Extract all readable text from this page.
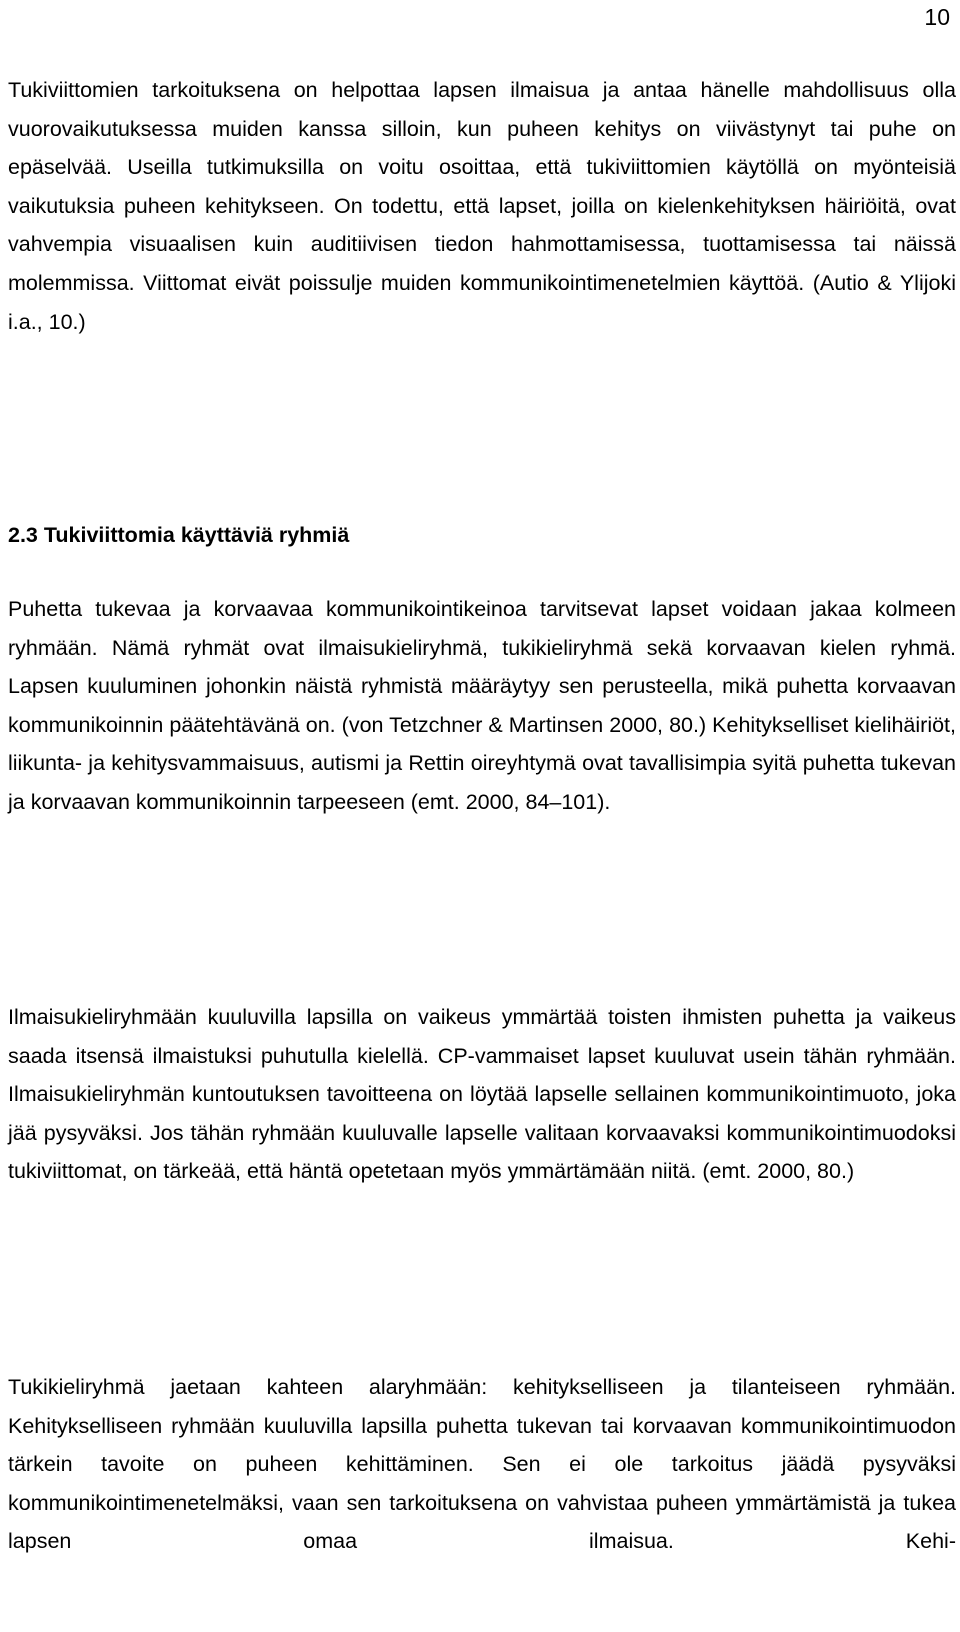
10

Tukiviittomien tarkoituksena on helpottaa lapsen ilmaisua ja antaa hänelle mahdollisuus olla vuorovaikutuksessa muiden kanssa silloin, kun puheen kehitys on viivästynyt tai puhe on epäselvää. Useilla tutkimuksilla on voitu osoittaa, että tukiviittomien käytöllä on myönteisiä vaikutuksia puheen kehitykseen. On todettu, että lapset, joilla on kielenkehityksen häiriöitä, ovat vahvempia visuaalisen kuin auditiivisen tiedon hahmottamisessa, tuottamisessa tai näissä molemmissa. Viittomat eivät poissulje muiden kommunikointimenetelmien käyttöä. (Autio & Ylijoki i.a., 10.)

2.3 Tukiviittomia käyttäviä ryhmiä

Puhetta tukevaa ja korvaavaa kommunikointikeinoa tarvitsevat lapset voidaan jakaa kolmeen ryhmään. Nämä ryhmät ovat ilmaisukieliryhmä, tukikieliryhmä sekä korvaavan kielen ryhmä. Lapsen kuuluminen johonkin näistä ryhmistä määräytyy sen perusteella, mikä puhetta korvaavan kommunikoinnin päätehtävänä on. (von Tetzchner & Martinsen 2000, 80.) Kehitykselliset kielihäiriöt, liikunta- ja kehitysvammaisuus, autismi ja Rettin oireyhtymä ovat tavallisimpia syitä puhetta tukevan ja korvaavan kommunikoinnin tarpeeseen (emt. 2000, 84–101).

Ilmaisukieliryhmään kuuluvilla lapsilla on vaikeus ymmärtää toisten ihmisten puhetta ja vaikeus saada itsensä ilmaistuksi puhutulla kielellä. CP-vammaiset lapset kuuluvat usein tähän ryhmään. Ilmaisukieliryhmän kuntoutuksen tavoitteena on löytää lapselle sellainen kommunikointimuoto, joka jää pysyväksi. Jos tähän ryhmään kuuluvalle lapselle valitaan korvaavaksi kommunikointimuodoksi tukiviittomat, on tärkeää, että häntä opetetaan myös ymmärtämään niitä. (emt. 2000, 80.)

Tukikieliryhmä jaetaan kahteen alaryhmään: kehitykselliseen ja tilanteiseen ryhmään. Kehitykselliseen ryhmään kuuluvilla lapsilla puhetta tukevan tai korvaavan kommunikointimuodon tärkein tavoite on puheen kehittäminen. Sen ei ole tarkoitus jäädä pysyväksi kommunikointimenetelmäksi, vaan sen tarkoituksena on vahvistaa puheen ymmärtämistä ja tukea lapsen omaa ilmaisua. Kehi-
